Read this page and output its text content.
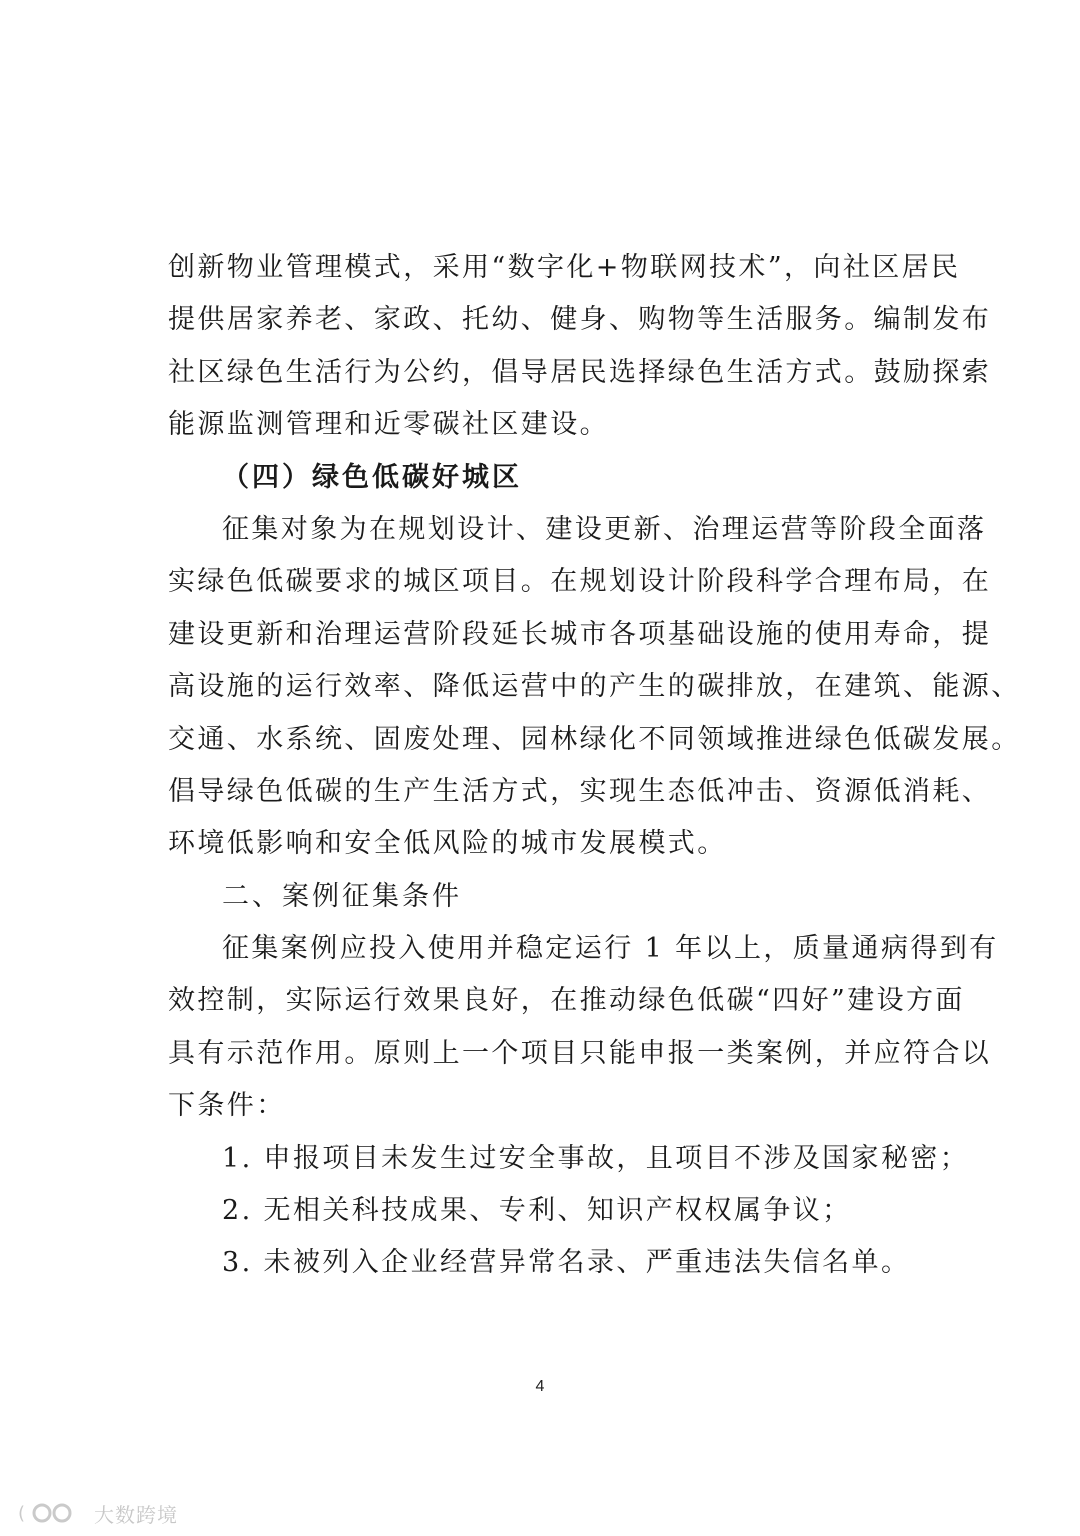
创新物业管理模式，采用“数字化+物联网技术”，向社区居民
提供居家养老、家政、托幼、健身、购物等生活服务。编制发布
社区绿色生活行为公约，倡导居民选择绿色生活方式。鼓励探索
能源监测管理和近零碳社区建设。
（四）绿色低碳好城区
征集对象为在规划设计、建设更新、治理运营等阶段全面落
实绿色低碳要求的城区项目。在规划设计阶段科学合理布局，在
建设更新和治理运营阶段延长城市各项基础设施的使用寿命，提
高设施的运行效率、降低运营中的产生的碳排放，在建筑、能源、
交通、水系统、固废处理、园林绿化不同领域推进绿色低碳发展。
倡导绿色低碳的生产生活方式，实现生态低冲击、资源低消耗、
环境低影响和安全低风险的城市发展模式。
二、案例征集条件
征集案例应投入使用并稳定运行 1 年以上，质量通病得到有
效控制，实际运行效果良好，在推动绿色低碳“四好”建设方面
具有示范作用。原则上一个项目只能申报一类案例，并应符合以
下条件：
1. 申报项目未发生过安全事故，且项目不涉及国家秘密；
2. 无相关科技成果、专利、知识产权权属争议；
3. 未被列入企业经营异常名录、严重违法失信名单。
4
(	大数跨境
